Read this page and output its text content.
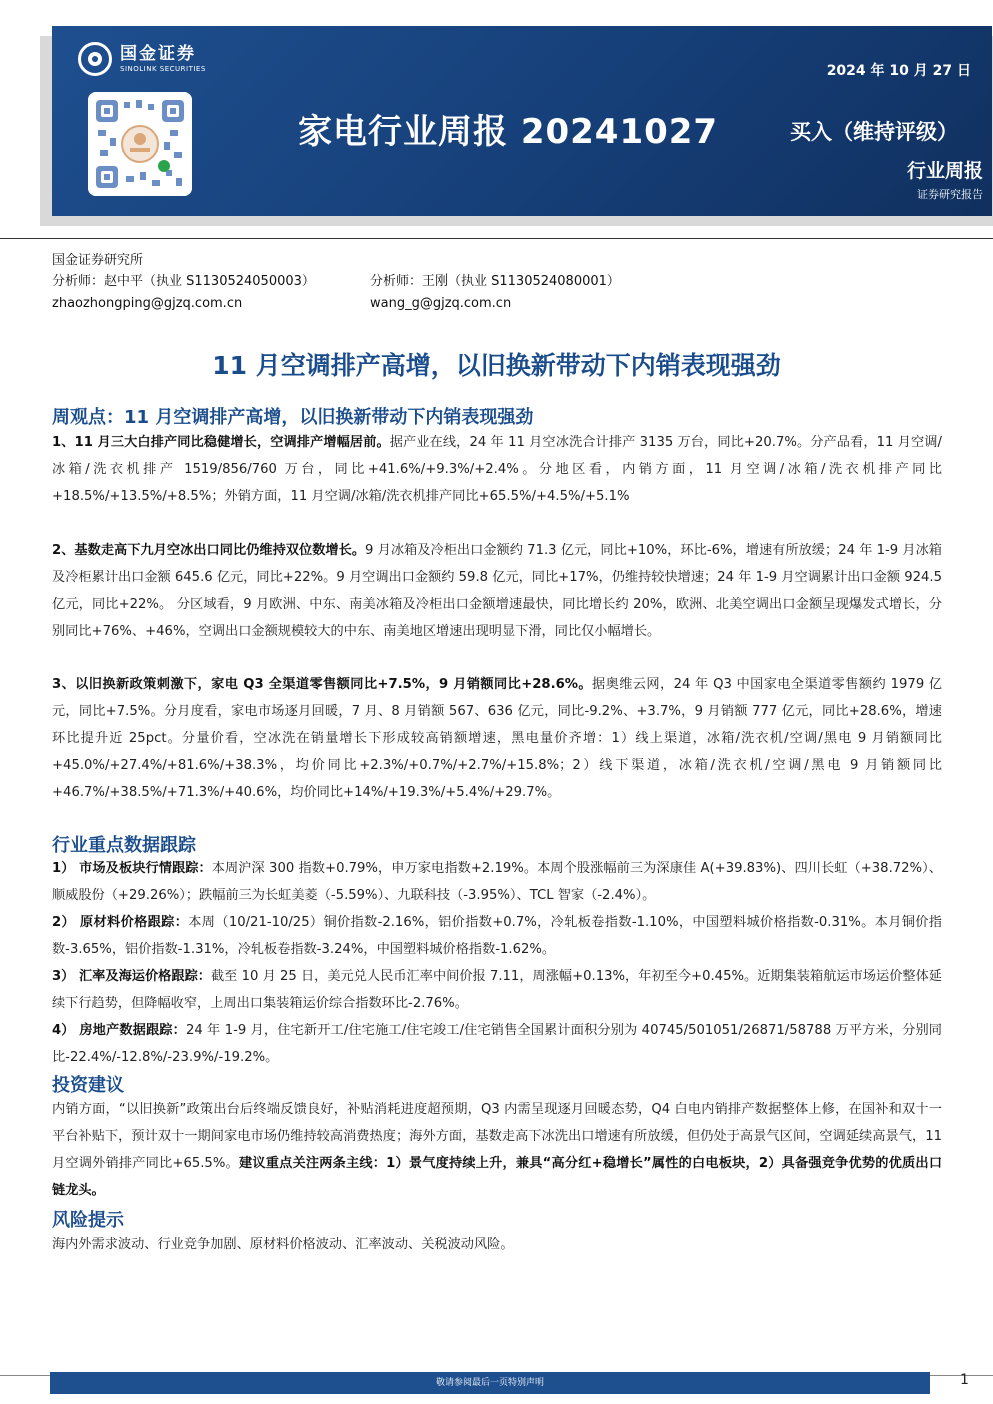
国金证券
SINOLINK SECURITIES	2024 年 10 月 27 日
家电行业周报 20241027	买入（维持评级）
行业周报
证券研究报告
国金证券研究所
分析师：赵中平（执业 S1130524050003）
zhaozhongping@gjzq.com.cn
分析师：王刚（执业 S1130524080001）
wang_g@gjzq.com.cn
11 月空调排产高增，以旧换新带动下内销表现强劲
周观点：11 月空调排产高增，以旧换新带动下内销表现强劲
1、11 月三大白排产同比稳健增长，空调排产增幅居前。据产业在线，24 年 11 月空冰洗合计排产 3135 万台，同比+20.7%。分产品看，11 月空调/冰箱/洗衣机排产 1519/856/760 万台，同比+41.6%/+9.3%/+2.4%。分地区看，内销方面，11 月空调/冰箱/洗衣机排产同比+18.5%/+13.5%/+8.5%；外销方面，11 月空调/冰箱/洗衣机排产同比+65.5%/+4.5%/+5.1%
2、基数走高下九月空冰出口同比仍维持双位数增长。9 月冰箱及冷柜出口金额约 71.3 亿元，同比+10%，环比-6%，增速有所放缓；24 年 1-9 月冰箱及冷柜累计出口金额 645.6 亿元，同比+22%。9 月空调出口金额约 59.8 亿元，同比+17%，仍维持较快增速；24 年 1-9 月空调累计出口金额 924.5 亿元，同比+22%。 分区域看，9 月欧洲、中东、南美冰箱及冷柜出口金额增速最快，同比增长约 20%，欧洲、北美空调出口金额呈现爆发式增长，分别同比+76%、+46%，空调出口金额规模较大的中东、南美地区增速出现明显下滑，同比仅小幅增长。
3、以旧换新政策刺激下，家电 Q3 全渠道零售额同比+7.5%，9 月销额同比+28.6%。据奥维云网，24 年 Q3 中国家电全渠道零售额约 1979 亿元，同比+7.5%。分月度看，家电市场逐月回暖，7 月、8 月销额 567、636 亿元，同比-9.2%、+3.7%，9 月销额 777 亿元，同比+28.6%，增速环比提升近 25pct。分量价看，空冰洗在销量增长下形成较高销额增速，黑电量价齐增：1）线上渠道，冰箱/洗衣机/空调/黑电 9 月销额同比+45.0%/+27.4%/+81.6%/+38.3%，均价同比+2.3%/+0.7%/+2.7%/+15.8%；2）线下渠道，冰箱/洗衣机/空调/黑电 9 月销额同比+46.7%/+38.5%/+71.3%/+40.6%，均价同比+14%/+19.3%/+5.4%/+29.7%。
行业重点数据跟踪
1） 市场及板块行情跟踪：本周沪深 300 指数+0.79%，申万家电指数+2.19%。本周个股涨幅前三为深康佳 A(+39.83%)、四川长虹（+38.72%）、顺威股份（+29.26%）；跌幅前三为长虹美菱（-5.59%）、九联科技（-3.95%）、TCL 智家（-2.4%）。
2） 原材料价格跟踪：本周（10/21-10/25）铜价指数-2.16%，铝价指数+0.7%，冷轧板卷指数-1.10%，中国塑料城价格指数-0.31%。本月铜价指数-3.65%，铝价指数-1.31%，冷轧板卷指数-3.24%，中国塑料城价格指数-1.62%。
3） 汇率及海运价格跟踪：截至 10 月 25 日，美元兑人民币汇率中间价报 7.11，周涨幅+0.13%，年初至今+0.45%。近期集装箱航运市场运价整体延续下行趋势，但降幅收窄，上周出口集装箱运价综合指数环比-2.76%。
4） 房地产数据跟踪：24 年 1-9 月，住宅新开工/住宅施工/住宅竣工/住宅销售全国累计面积分别为 40745/501051/26871/58788 万平方米，分别同比-22.4%/-12.8%/-23.9%/-19.2%。
投资建议
内销方面，“以旧换新”政策出台后终端反馈良好，补贴消耗进度超预期，Q3 内需呈现逐月回暖态势，Q4 白电内销排产数据整体上修，在国补和双十一平台补贴下，预计双十一期间家电市场仍维持较高消费热度；海外方面，基数走高下冰洗出口增速有所放缓，但仍处于高景气区间，空调延续高景气，11 月空调外销排产同比+65.5%。建议重点关注两条主线：1）景气度持续上升，兼具“高分红+稳增长”属性的白电板块，2）具备强竞争优势的优质出口链龙头。
风险提示
海内外需求波动、行业竞争加剧、原材料价格波动、汇率波动、关税波动风险。
敬请参阅最后一页特别声明	1
